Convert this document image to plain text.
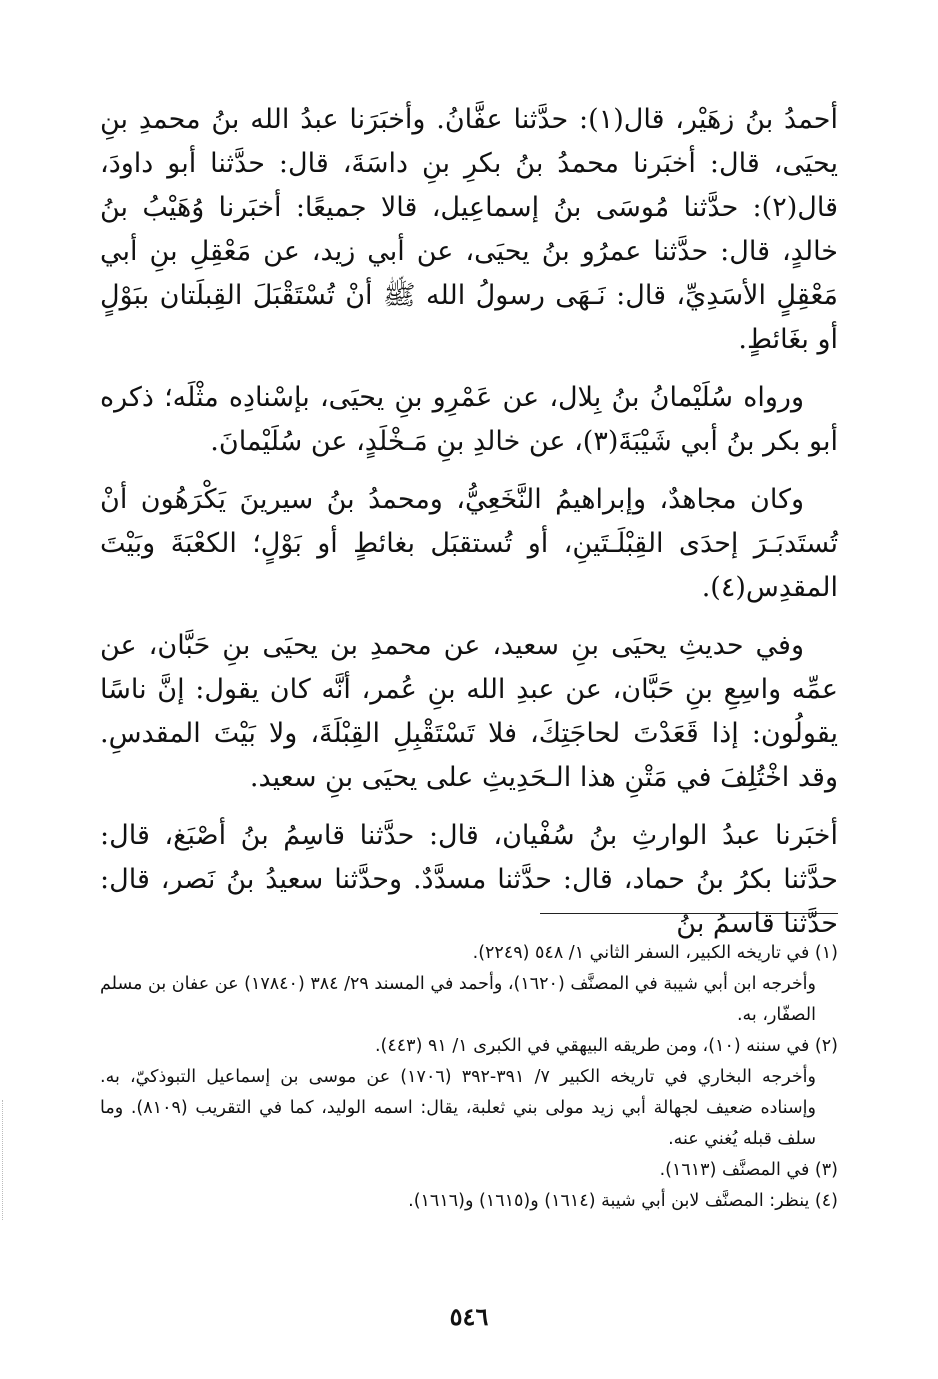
أحمدُ بنُ زهَيْر، قال(١): حدَّثنا عفَّانُ. وأخبَرَنا عبدُ الله بنُ محمدِ بنِ يحيَى، قال: أخبَرنا محمدُ بنُ بكرِ بنِ داسَةَ، قال: حدَّثنا أبو داودَ، قال(٢): حدَّثنا مُوسَى بنُ إسماعِيل، قالا جميعًا: أخبَرنا وُهَيْبُ بنُ خالدٍ، قال: حدَّثنا عمرُو بنُ يحيَى، عن أبي زيد، عن مَعْقِلِ بنِ أبي مَعْقِلٍ الأسَدِيِّ، قال: نَـهَى رسولُ الله ﷺ أنْ تُسْتَقْبَلَ القِبلَتان ببَوْلٍ أو بغَائطٍ.

ورواه سُلَيْمانُ بنُ بِلال، عن عَمْرِو بنِ يحيَى، بإسْنادِه مثْلَه؛ ذكره أبو بكر بنُ أبي شَيْبَةَ(٣)، عن خالدِ بنِ مَـخْلَدٍ، عن سُلَيْمانَ.

وكان مجاهدٌ، وإبراهيمُ النَّخَعِيُّ، ومحمدُ بنُ سيرينَ يَكْرَهُون أنْ تُستَدبَـرَ إحدَى القِبْلَـتَينِ، أو تُستقبَل بغائطٍ أو بَوْلٍ؛ الكعْبَةَ وبَيْتَ المقدِس(٤).

وفي حديثِ يحيَى بنِ سعيد، عن محمدِ بن يحيَى بنِ حَبَّان، عن عمِّه واسِعِ بنِ حَبَّان، عن عبدِ الله بنِ عُمر، أنَّه كان يقول: إنَّ ناسًا يقولُون: إذا قَعَدْتَ لحاجَتِكَ، فلا تَسْتَقْبِلِ القِبْلَةَ، ولا بَيْتَ المقدسِ. وقد اخْتُلِفَ في مَتْنِ هذا الـحَدِيثِ على يحيَى بنِ سعيد.

أخبَرنا عبدُ الوارثِ بنُ سُفْيان، قال: حدَّثنا قاسِمُ بنُ أصْبَغ، قال: حدَّثنا بكرُ بنُ حماد، قال: حدَّثنا مسدَّدٌ. وحدَّثنا سعيدُ بنُ نَصر، قال: حدَّثنا قاسمُ بنُ

(١) في تاريخه الكبير، السفر الثاني ١/ ٥٤٨ (٢٢٤٩).

وأخرجه ابن أبي شيبة في المصنَّف (١٦٢٠)، وأحمد في المسند ٢٩/ ٣٨٤ (١٧٨٤٠) عن عفان بن مسلم الصفّار، به.

(٢) في سننه (١٠)، ومن طريقه البيهقي في الكبرى ١/ ٩١ (٤٤٣).

وأخرجه البخاري في تاريخه الكبير ٧/ ٣٩١-٣٩٢ (١٧٠٦) عن موسى بن إسماعيل التبوذكيّ، به. وإسناده ضعيف لجهالة أبي زيد مولى بني ثعلبة، يقال: اسمه الوليد، كما في التقريب (٨١٠٩). وما سلف قبله يُغني عنه.

(٣) في المصنَّف (١٦١٣).

(٤) ينظر: المصنَّف لابن أبي شيبة (١٦١٤) و(١٦١٥) و(١٦١٦).

٥٤٦
